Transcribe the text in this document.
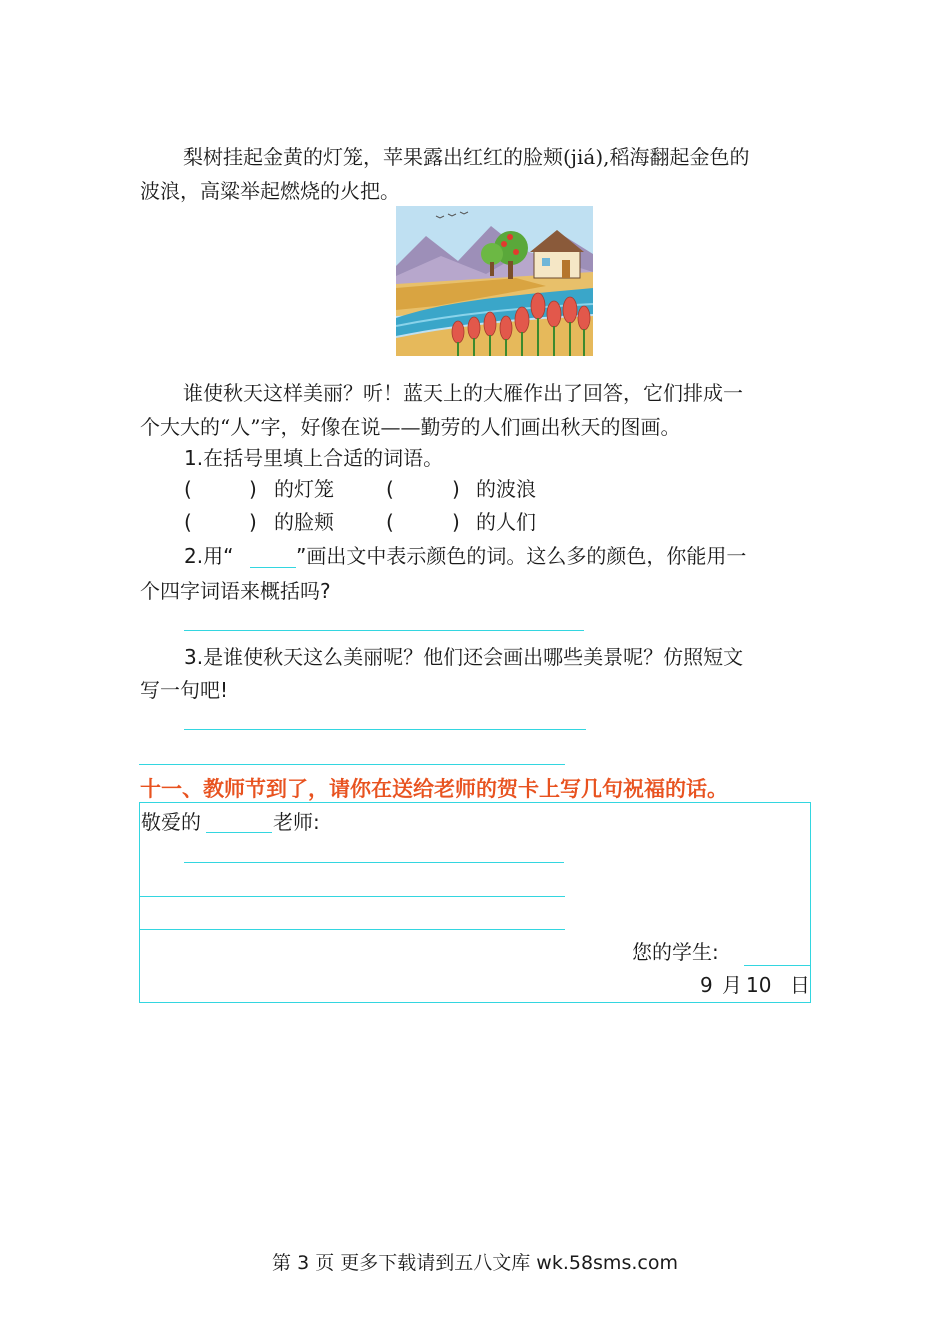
梨树挂起金黄的灯笼，苹果露出红红的脸颊(jiá),稻海翻起金色的
波浪，高粱举起燃烧的火把。
谁使秋天这样美丽？听！蓝天上的大雁作出了回答，它们排成一
个大大的“人”字，好像在说——勤劳的人们画出秋天的图画。
1.在括号里填上合适的词语。
(	) 的灯笼	(	) 的波浪
(	) 的脸颊	(	) 的人们
2.用“	”画出文中表示颜色的词。这么多的颜色，你能用一
个四字词语来概括吗?
3.是谁使秋天这么美丽呢？他们还会画出哪些美景呢？仿照短文
写一句吧!
十一、教师节到了，请你在送给老师的贺卡上写几句祝福的话。
敬爱的	老师:
您的学生:
9 月 10 日
第 3 页 更多下载请到五八文库 wk.58sms.com
